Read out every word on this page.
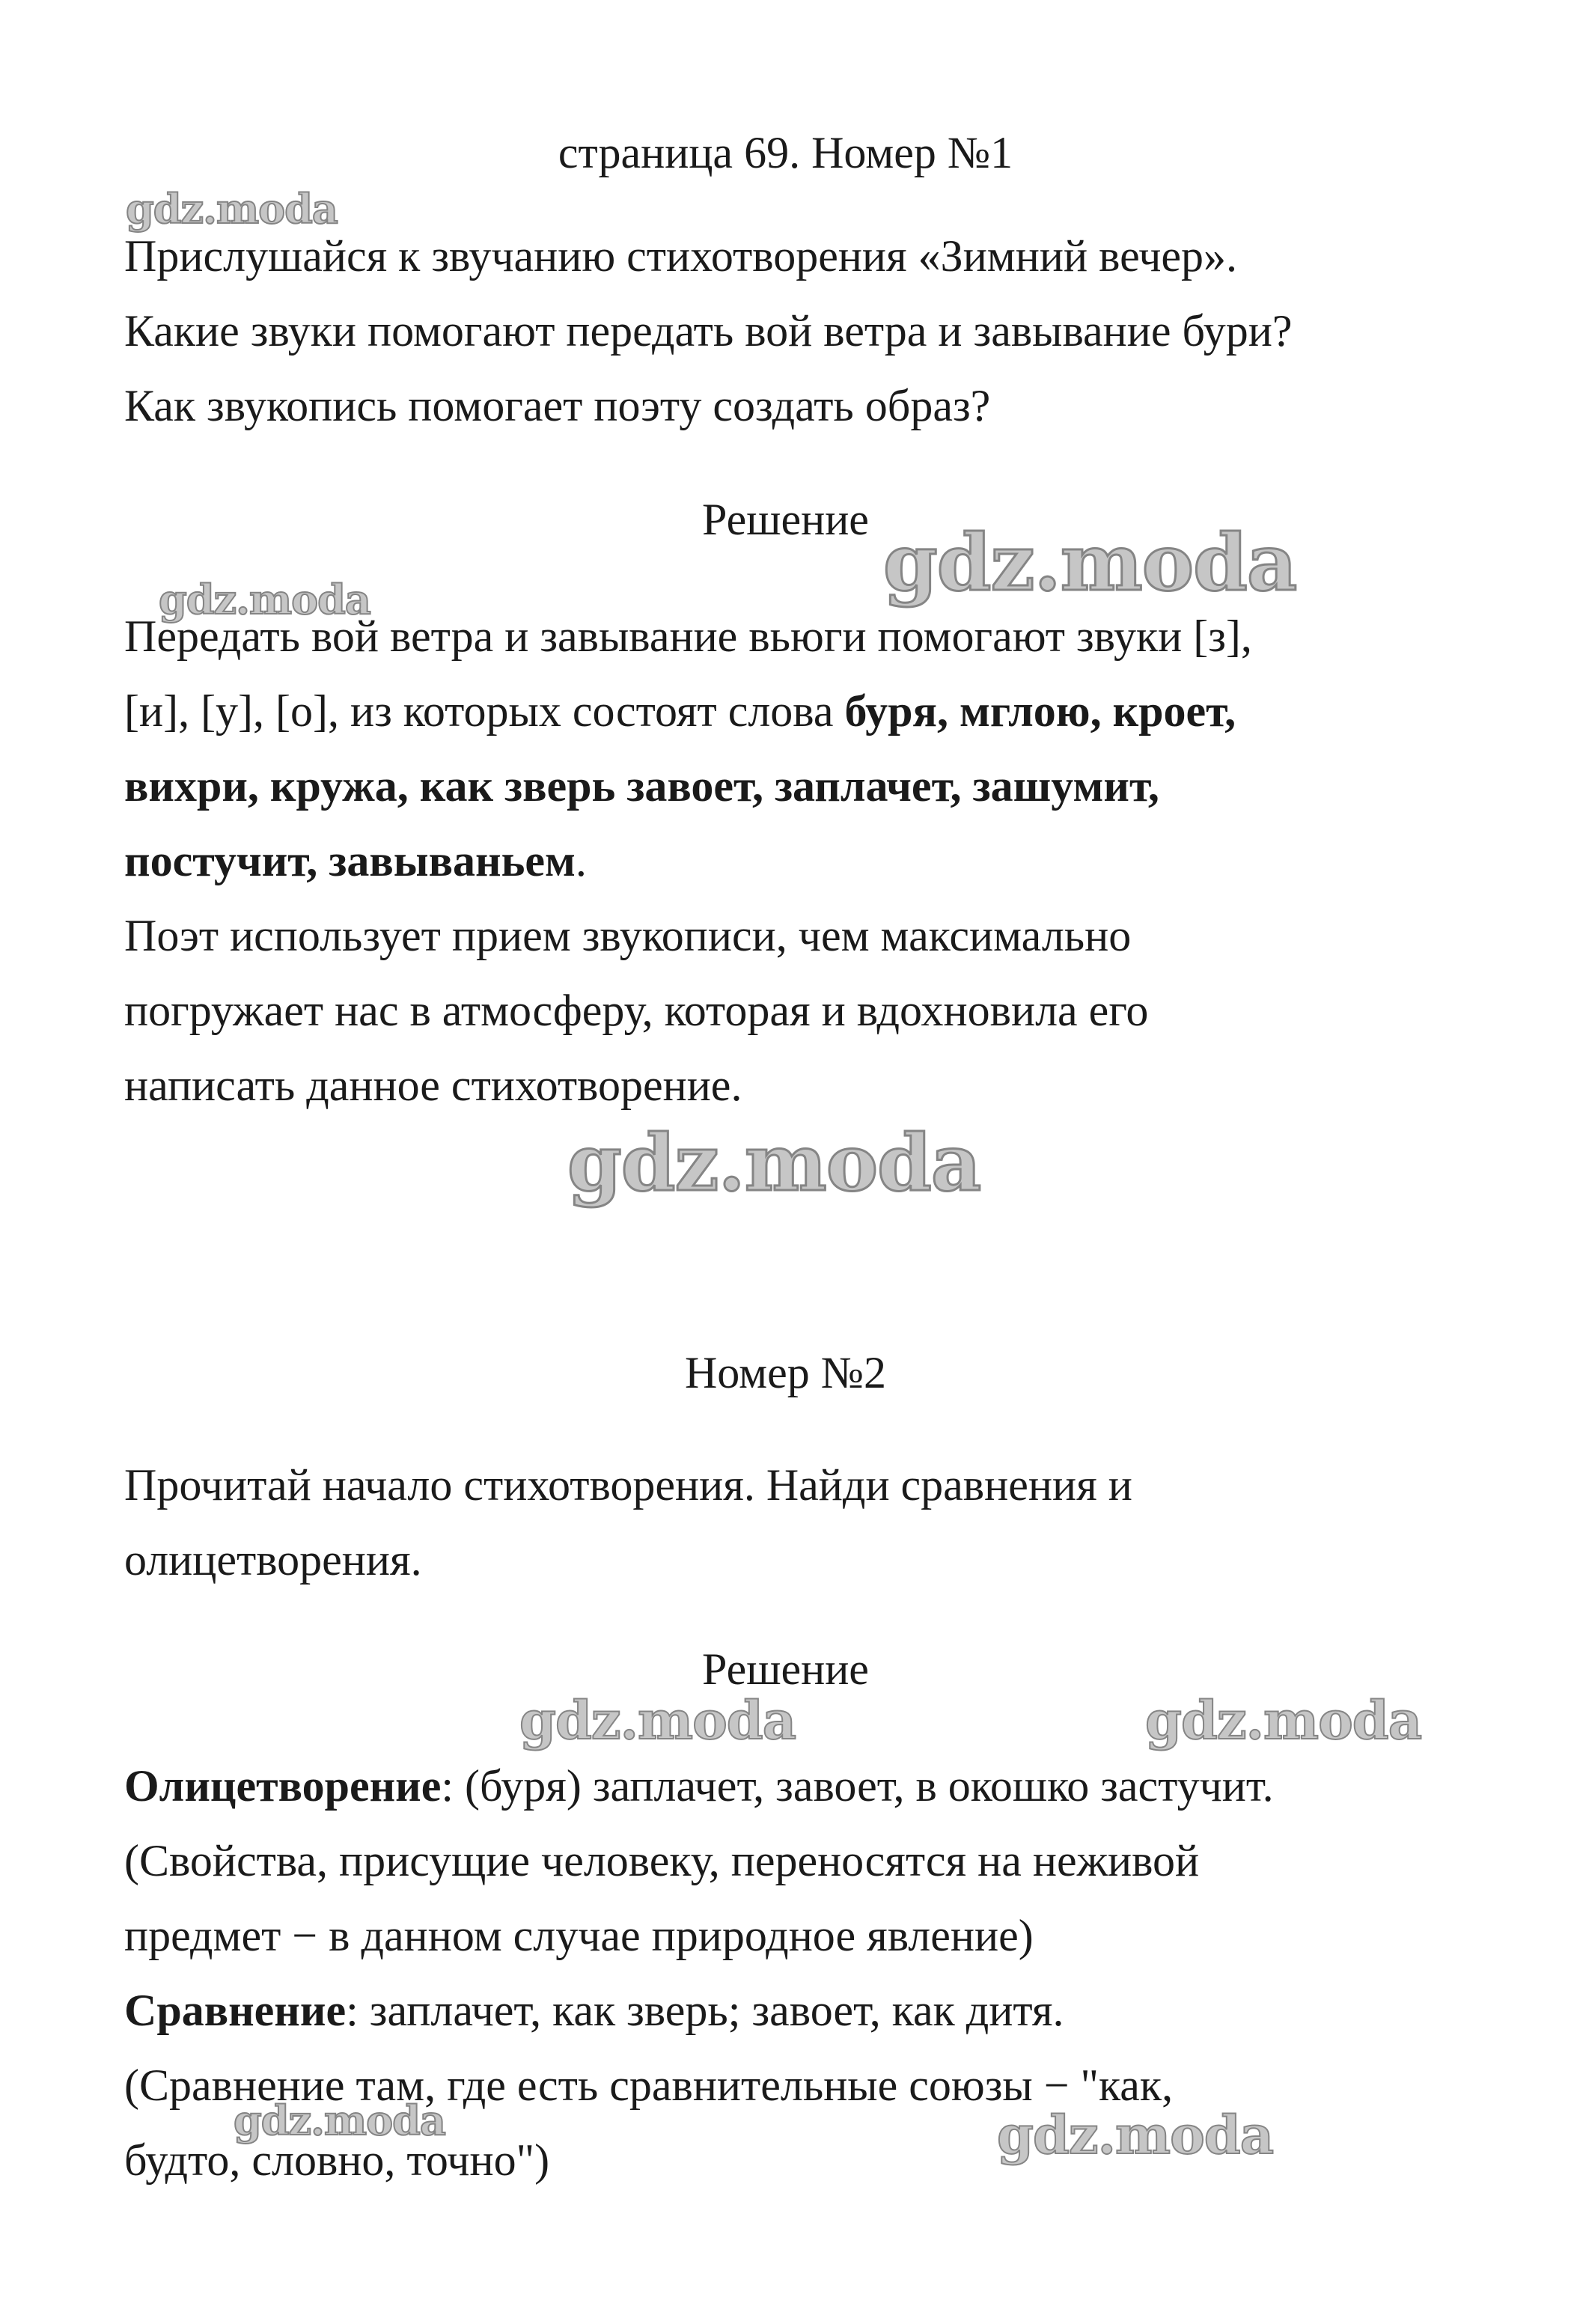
gdz.moda
gdz.moda	gdz.moda
gdz.moda
gdz.moda	gdz.moda
gdz.moda	gdz.moda
страница 69. Номер №1
Прислушайся к звучанию стихотворения «Зимний вечер».
Какие звуки помогают передать вой ветра и завывание бури?
Как звукопись помогает поэту создать образ?
Решение
Передать вой ветра и завывание вьюги помогают звуки [з],
[и], [у], [о], из которых состоят слова буря, мглою, кроет,
вихри, кружа, как зверь завоет, заплачет, зашумит,
постучит, завываньем.
Поэт использует прием звукописи, чем максимально
погружает нас в атмосферу, которая и вдохновила его
написать данное стихотворение.
Номер №2
Прочитай начало стихотворения. Найди сравнения и
олицетворения.
Решение
Олицетворение: (буря) заплачет, завоет, в окошко застучит.
(Свойства, присущие человеку, переносятся на неживой
предмет − в данном случае природное явление)
Сравнение: заплачет, как зверь; завоет, как дитя.
(Сравнение там, где есть сравнительные союзы − "как,
будто, словно, точно")
